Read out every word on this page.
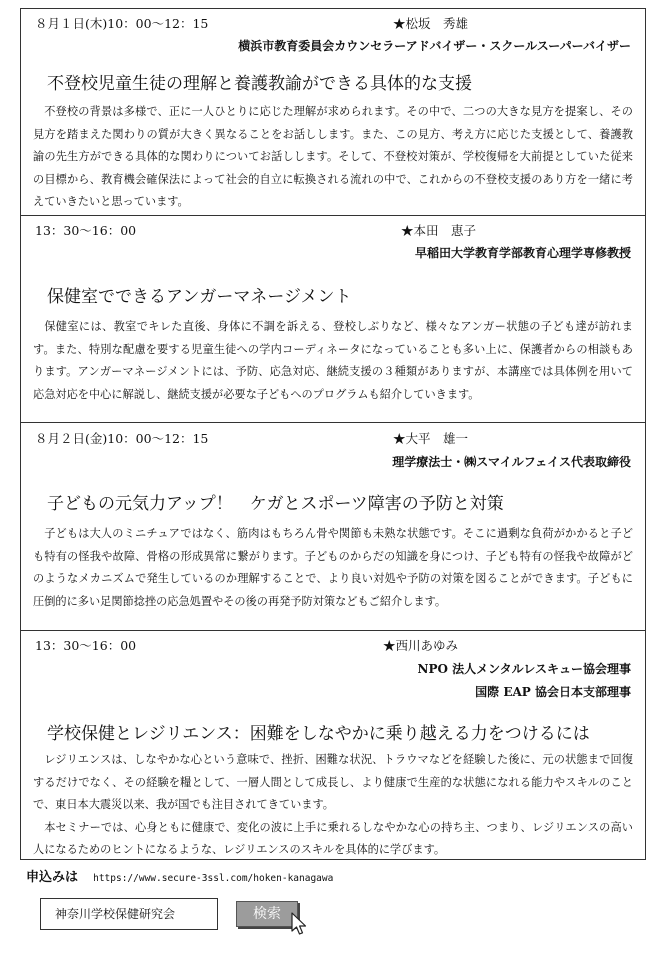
８月１日(木)10：00～12：15	★松坂　秀雄
横浜市教育委員会カウンセラーアドバイザー・スクールスーパーバイザー
不登校児童生徒の理解と養護教諭ができる具体的な支援

不登校の背景は多様で、正に一人ひとりに応じた理解が求められます。その中で、二つの大きな見方を提案し、その見方を踏まえた関わりの質が大きく異なることをお話しします。また、この見方、考え方に応じた支援として、養護教諭の先生方ができる具体的な関わりについてお話しします。そして、不登校対策が、学校復帰を大前提としていた従来の目標から、教育機会確保法によって社会的自立に転換される流れの中で、これからの不登校支援のあり方を一緒に考えていきたいと思っています。

13：30～16：00	★本田　恵子
早稲田大学教育学部教育心理学専修教授
保健室でできるアンガーマネージメント

保健室には、教室でキレた直後、身体に不調を訴える、登校しぶりなど、様々なアンガー状態の子ども達が訪れます。また、特別な配慮を要する児童生徒への学内コーディネータになっていることも多い上に、保護者からの相談もあります。アンガーマネージメントには、予防、応急対応、継続支援の３種類がありますが、本講座では具体例を用いて応急対応を中心に解説し、継続支援が必要な子どもへのプログラムも紹介していきます。

８月２日(金)10：00～12：15	★大平　雄一
理学療法士・㈱スマイルフェイス代表取締役
子どもの元気力アップ！　ケガとスポーツ障害の予防と対策

子どもは大人のミニチュアではなく、筋肉はもちろん骨や関節も未熟な状態です。そこに過剰な負荷がかかると子ども特有の怪我や故障、骨格の形成異常に繋がります。子どものからだの知識を身につけ、子ども特有の怪我や故障がどのようなメカニズムで発生しているのか理解することで、より良い対処や予防の対策を図ることができます。子どもに圧倒的に多い足関節捻挫の応急処置やその後の再発予防対策などもご紹介します。

13：30～16：00	★西川あゆみ
NPO 法人メンタルレスキュー協会理事
国際 EAP 協会日本支部理事
学校保健とレジリエンス：困難をしなやかに乗り越える力をつけるには

レジリエンスは、しなやかな心という意味で、挫折、困難な状況、トラウマなどを経験した後に、元の状態まで回復するだけでなく、その経験を糧として、一層人間として成長し、より健康で生産的な状態になれる能力やスキルのことで、東日本大震災以来、我が国でも注目されてきています。

本セミナーでは、心身ともに健康で、変化の波に上手に乗れるしなやかな心の持ち主、つまり、レジリエンスの高い人になるためのヒントになるような、レジリエンスのスキルを具体的に学びます。

申込みは https://www.secure-3ssl.com/hoken-kanagawa
神奈川学校保健研究会	検索
